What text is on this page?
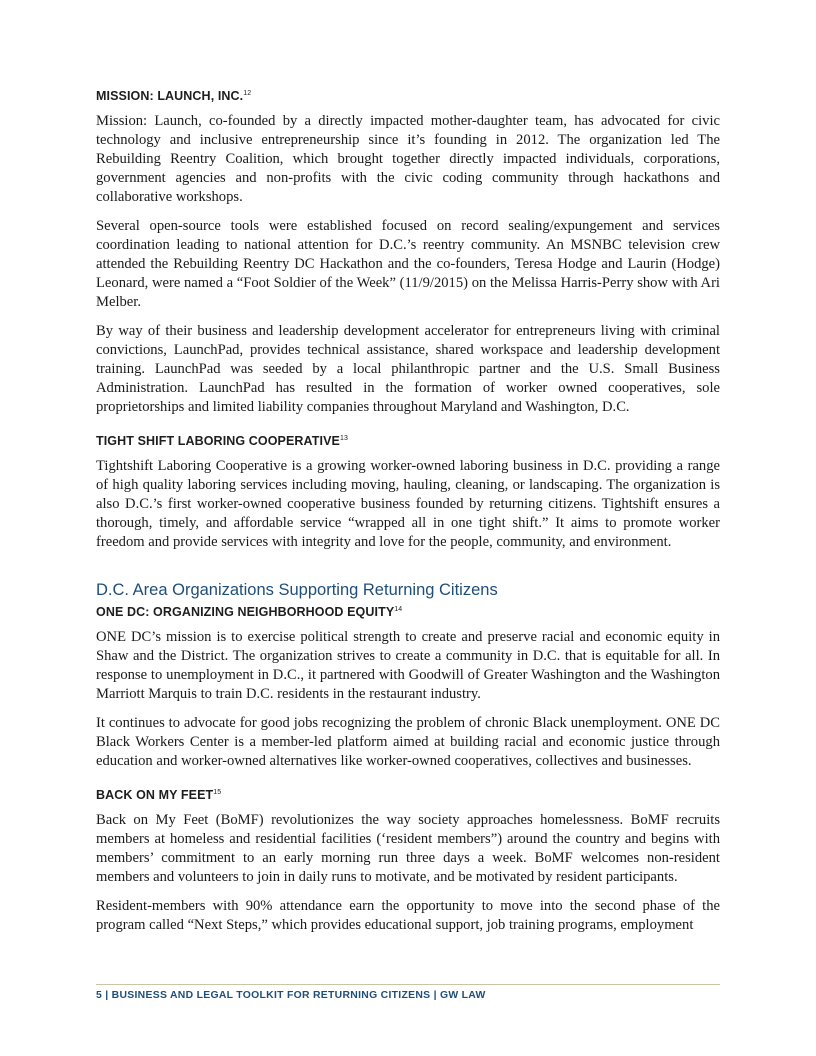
MISSION: LAUNCH, INC.$^{12}$

Mission: Launch, co-founded by a directly impacted mother-daughter team, has advocated for civic technology and inclusive entrepreneurship since it’s founding in 2012. The organization led The Rebuilding Reentry Coalition, which brought together directly impacted individuals, corporations, government agencies and non-profits with the civic coding community through hackathons and collaborative workshops.

Several open-source tools were established focused on record sealing/expungement and services coordination leading to national attention for D.C.’s reentry community. An MSNBC television crew attended the Rebuilding Reentry DC Hackathon and the co-founders, Teresa Hodge and Laurin (Hodge) Leonard, were named a “Foot Soldier of the Week” (11/9/2015) on the Melissa Harris-Perry show with Ari Melber.

By way of their business and leadership development accelerator for entrepreneurs living with criminal convictions, LaunchPad, provides technical assistance, shared workspace and leadership development training. LaunchPad was seeded by a local philanthropic partner and the U.S. Small Business Administration. LaunchPad has resulted in the formation of worker owned cooperatives, sole proprietorships and limited liability companies throughout Maryland and Washington, D.C.

TIGHT SHIFT LABORING COOPERATIVE$^{13}$

Tightshift Laboring Cooperative is a growing worker-owned laboring business in D.C. providing a range of high quality laboring services including moving, hauling, cleaning, or landscaping. The organization is also D.C.’s first worker-owned cooperative business founded by returning citizens. Tightshift ensures a thorough, timely, and affordable service “wrapped all in one tight shift.” It aims to promote worker freedom and provide services with integrity and love for the people, community, and environment.

D.C. Area Organizations Supporting Returning Citizens
ONE DC: ORGANIZING NEIGHBORHOOD EQUITY$^{14}$

ONE DC’s mission is to exercise political strength to create and preserve racial and economic equity in Shaw and the District. The organization strives to create a community in D.C. that is equitable for all. In response to unemployment in D.C., it partnered with Goodwill of Greater Washington and the Washington Marriott Marquis to train D.C. residents in the restaurant industry.

It continues to advocate for good jobs recognizing the problem of chronic Black unemployment. ONE DC Black Workers Center is a member-led platform aimed at building racial and economic justice through education and worker-owned alternatives like worker-owned cooperatives, collectives and businesses.

BACK ON MY FEET$^{15}$

Back on My Feet (BoMF) revolutionizes the way society approaches homelessness. BoMF recruits members at homeless and residential facilities (‘resident members”) around the country and begins with members’ commitment to an early morning run three days a week. BoMF welcomes non-resident members and volunteers to join in daily runs to motivate, and be motivated by resident participants.

Resident-members with 90% attendance earn the opportunity to move into the second phase of the program called “Next Steps,” which provides educational support, job training programs, employment

5 | BUSINESS AND LEGAL TOOLKIT FOR RETURNING CITIZENS | GW LAW
